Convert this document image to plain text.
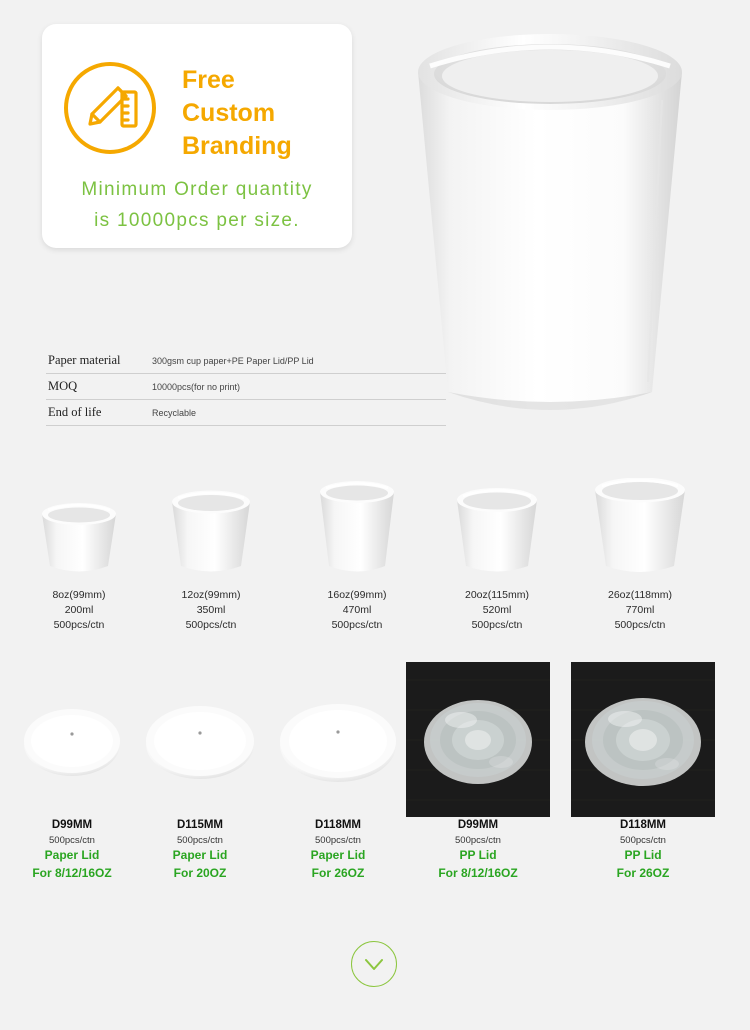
Free
Custom
Branding
Minimum Order quantity
is 10000pcs per size.
Paper material	300gsm cup paper+PE Paper Lid/PP Lid
MOQ	10000pcs(for no print)
End of life	Recyclable
8oz(99mm)
200ml
500pcs/ctn
12oz(99mm)
350ml
500pcs/ctn
16oz(99mm)
470ml
500pcs/ctn
20oz(115mm)
520ml
500pcs/ctn
26oz(118mm)
770ml
500pcs/ctn
D99MM
500pcs/ctn
Paper Lid
For 8/12/16OZ
D115MM
500pcs/ctn
Paper Lid
For 20OZ
D118MM
500pcs/ctn
Paper Lid
For 26OZ
D99MM
500pcs/ctn
PP Lid
For 8/12/16OZ
D118MM
500pcs/ctn
PP Lid
For 26OZ
